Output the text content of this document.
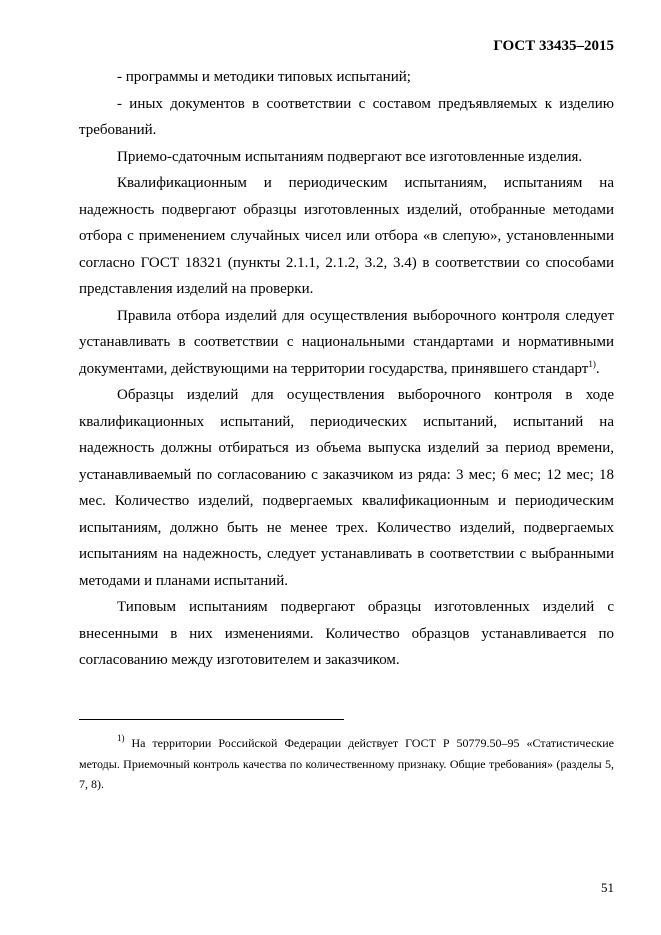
ГОСТ 33435–2015

- программы и методики типовых испытаний;

- иных документов в соответствии с составом предъявляемых к изделию требований.

Приемо-сдаточным испытаниям подвергают все изготовленные изделия.

Квалификационным и периодическим испытаниям, испытаниям на надежность подвергают образцы изготовленных изделий, отобранные методами отбора с применением случайных чисел или отбора «в слепую», установленными согласно ГОСТ 18321 (пункты 2.1.1, 2.1.2, 3.2, 3.4) в соответствии со способами представления изделий на проверки.

Правила отбора изделий для осуществления выборочного контроля следует устанавливать в соответствии с национальными стандартами и нормативными документами, действующими на территории государства, принявшего стандарт$^{1)}$.

Образцы изделий для осуществления выборочного контроля в ходе квалификационных испытаний, периодических испытаний, испытаний на надежность должны отбираться из объема выпуска изделий за период времени, устанавливаемый по согласованию с заказчиком из ряда: 3 мес; 6 мес; 12 мес; 18 мес. Количество изделий, подвергаемых квалификационным и периодическим испытаниям, должно быть не менее трех. Количество изделий, подвергаемых испытаниям на надежность, следует устанавливать в соответствии с выбранными методами и планами испытаний.

Типовым испытаниям подвергают образцы изготовленных изделий с внесенными в них изменениями. Количество образцов устанавливается по согласованию между изготовителем и заказчиком.

$^{1)}$ На территории Российской Федерации действует ГОСТ Р 50779.50–95 «Статистические методы. Приемочный контроль качества по количественному признаку. Общие требования» (разделы 5, 7, 8).

51
